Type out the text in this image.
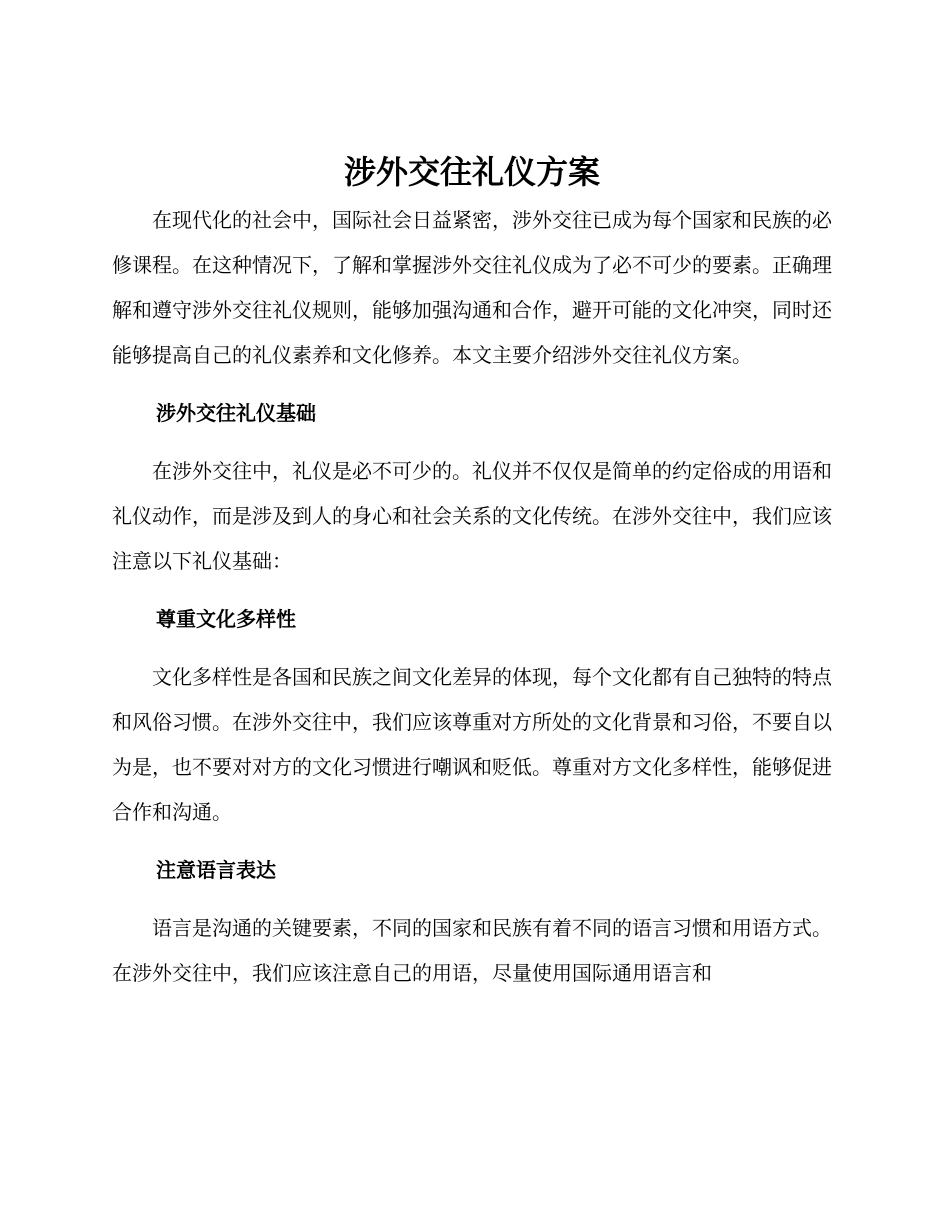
涉外交往礼仪方案

在现代化的社会中，国际社会日益紧密，涉外交往已成为每个国家和民族的必修课程。在这种情况下，了解和掌握涉外交往礼仪成为了必不可少的要素。正确理解和遵守涉外交往礼仪规则，能够加强沟通和合作，避开可能的文化冲突，同时还能够提高自己的礼仪素养和文化修养。本文主要介绍涉外交往礼仪方案。

涉外交往礼仪基础

在涉外交往中，礼仪是必不可少的。礼仪并不仅仅是简单的约定俗成的用语和礼仪动作，而是涉及到人的身心和社会关系的文化传统。在涉外交往中，我们应该注意以下礼仪基础：

尊重文化多样性

文化多样性是各国和民族之间文化差异的体现，每个文化都有自己独特的特点和风俗习惯。在涉外交往中，我们应该尊重对方所处的文化背景和习俗，不要自以为是，也不要对对方的文化习惯进行嘲讽和贬低。尊重对方文化多样性，能够促进合作和沟通。

注意语言表达

语言是沟通的关键要素，不同的国家和民族有着不同的语言习惯和用语方式。在涉外交往中，我们应该注意自己的用语，尽量使用国际通用语言和
